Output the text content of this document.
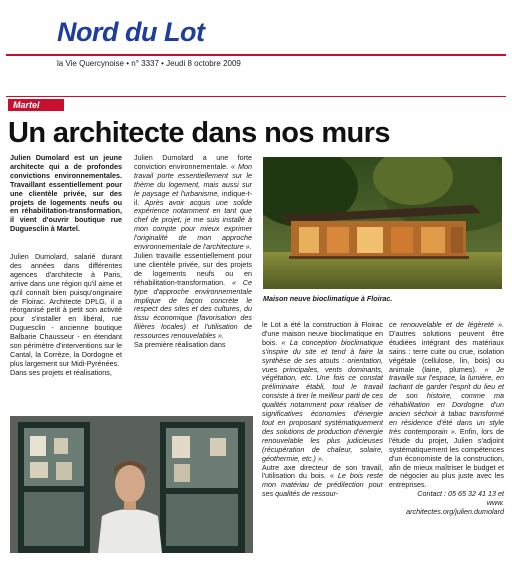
Nord du Lot
la Vie Quercynoise • n° 3337 • Jeudi 8 octobre 2009
Martel
Un architecte dans nos murs

Julien Dumolard est un jeune architecte qui a de profondes convictions environnementales. Travaillant essentiellement pour une clientèle privée, sur des projets de logements neufs ou en réhabilitation-transformation, il vient d'ouvrir boutique rue Duguesclin à Martel.

Julien Dumolard, salarié durant des années dans différentes agences d'architecte à Paris, arrive dans une région qu'il aime et qu'il connaît bien puisqu'originaire de Floirac. Architecte DPLG, il a réorganisé petit à petit son activité pour s'installer en libéral, rue Duguesclin - ancienne boutique Balbarie Chausseur - en étendant son périmètre d'interventions sur le Cantal, la Corrèze, la Dordogne et plus largement sur Midi-Pyrénées.

Dans ses projets et réalisations,

Julien Dumolard a une forte conviction environnementale. « Mon travail porte essentiellement sur le thème du logement, mais aussi sur le paysage et l'urbanisme, indique-t-il. Après avoir acquis une solide expérience notamment en tant que chef de projet, je me suis installé à mon compte pour mieux exprimer l'originalité de mon approche environnementale de l'architecture ».

Julien travaille essentiellement pour une clientèle privée, sur des projets de logements neufs ou en réhabilitation-transformation. « Ce type d'approche environnementale implique de façon concrète le respect des sites et des cultures, du tissu économique (favorisation des filières locales) et l'utilisation de ressources renouvelables ».

Sa première réalisation dans

Maison neuve bioclimatique à Floirac.

le Lot a été la construction à Floirac d'une maison neuve bioclimatique en bois. « La conception bioclimatique s'inspire du site et tend à faire la synthèse de ses atouts : orientation, vues principales, vents dominants, végétation, etc. Une fois ce constat préliminaire établi, tout le travail consiste à tirer le meilleur parti de ces qualités notamment pour réaliser de significatives économies d'énergie tout en proposant systématiquement des solutions de production d'énergie renouvelable les plus judicieuses (récupération de chaleur, solaire, géothermie, etc.) ».

Autre axe directeur de son travail, l'utilisation du bois. « Le bois reste mon matériau de prédilection pour ses qualités de ressour-

ce renouvelable et de légèreté ». D'autres solutions peuvent être étudiées intégrant des matériaux sains : terre cuite ou crue, isolation végétale (cellulose, lin, bois) ou animale (laine, plumes). « Je travaille sur l'espace, la lumière, en tachant de garder l'esprit du lieu et de son histoire, comme ma réhabilitation en Dordogne d'un ancien séchoir à tabac transformé en résidence d'été dans un style très contemporain ». Enfin, lors de l'étude du projet, Julien s'adjoint systématiquement les compétences d'un économiste de la construction, afin de mieux maîtriser le budget et de négocier au plus juste avec les entreprises.

Contact : 05 65 32 41 13 et

www. architectes.org/julien.dumolard
